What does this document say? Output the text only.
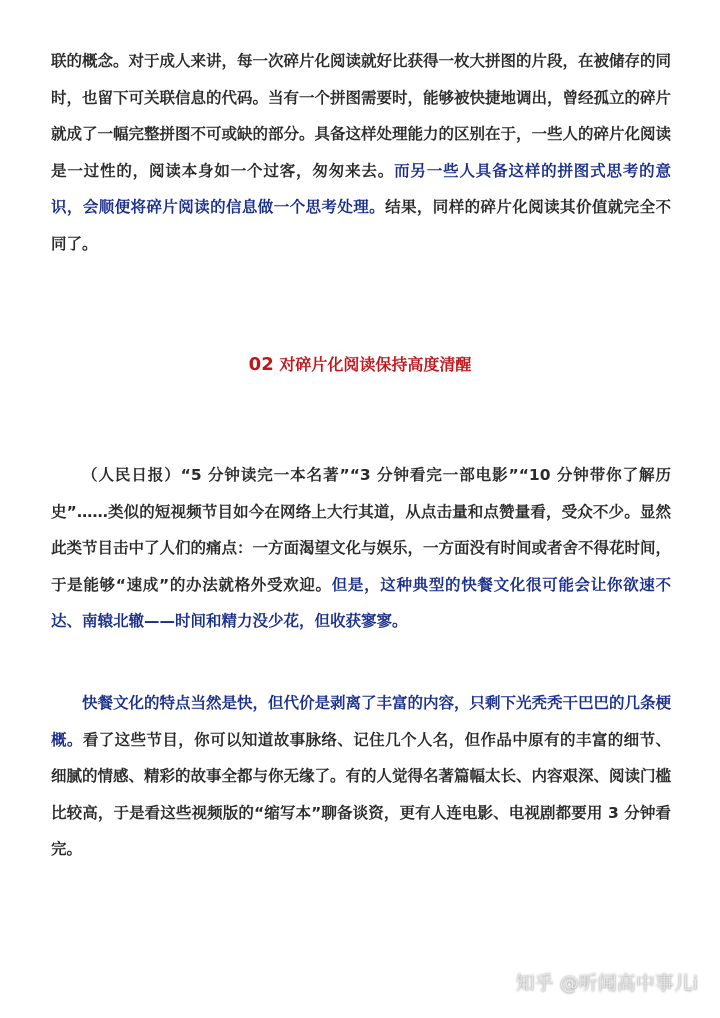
联的概念。对于成人来讲，每一次碎片化阅读就好比获得一枚大拼图的片段，在被储存的同时，也留下可关联信息的代码。当有一个拼图需要时，能够被快捷地调出，曾经孤立的碎片就成了一幅完整拼图不可或缺的部分。具备这样处理能力的区别在于，一些人的碎片化阅读是一过性的，阅读本身如一个过客，匆匆来去。而另一些人具备这样的拼图式思考的意识，会顺便将碎片阅读的信息做一个思考处理。结果，同样的碎片化阅读其价值就完全不同了。

02 对碎片化阅读保持高度清醒

（人民日报）“5 分钟读完一本名著”“3 分钟看完一部电影”“10 分钟带你了解历史”……类似的短视频节目如今在网络上大行其道，从点击量和点赞量看，受众不少。显然此类节目击中了人们的痛点：一方面渴望文化与娱乐，一方面没有时间或者舍不得花时间，于是能够“速成”的办法就格外受欢迎。但是，这种典型的快餐文化很可能会让你欲速不达、南辕北辙——时间和精力没少花，但收获寥寥。

快餐文化的特点当然是快，但代价是剥离了丰富的内容，只剩下光秃秃干巴巴的几条梗概。看了这些节目，你可以知道故事脉络、记住几个人名，但作品中原有的丰富的细节、细腻的情感、精彩的故事全都与你无缘了。有的人觉得名著篇幅太长、内容艰深、阅读门槛比较高，于是看这些视频版的“缩写本”聊备谈资，更有人连电影、电视剧都要用 3 分钟看完。

知乎 @听闻高中事儿i
